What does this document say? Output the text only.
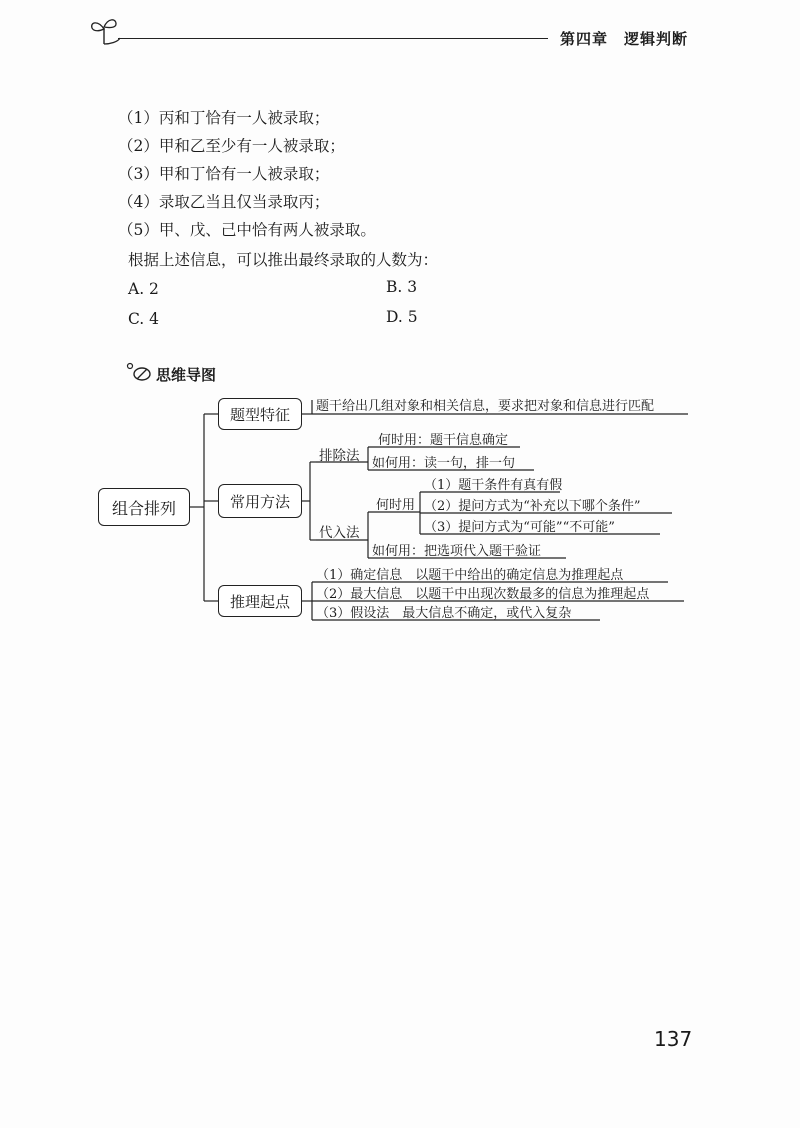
第四章　逻辑判断
（1）丙和丁恰有一人被录取；
（2）甲和乙至少有一人被录取；
（3）甲和丁恰有一人被录取；
（4）录取乙当且仅当录取丙；
（5）甲、戊、己中恰有两人被录取。
根据上述信息，可以推出最终录取的人数为：
A. 2	B. 3
C. 4	D. 5
思维导图
组合排列
题型特征
常用方法
推理起点
题干给出几组对象和相关信息，要求把对象和信息进行匹配
排除法
何时用：题干信息确定
如何用：读一句，排一句
代入法
何时用
（1）题干条件有真有假
（2）提问方式为“补充以下哪个条件”
（3）提问方式为“可能”“不可能”
如何用：把选项代入题干验证
（1）确定信息　以题干中给出的确定信息为推理起点
（2）最大信息　以题干中出现次数最多的信息为推理起点
（3）假设法　最大信息不确定，或代入复杂
137
